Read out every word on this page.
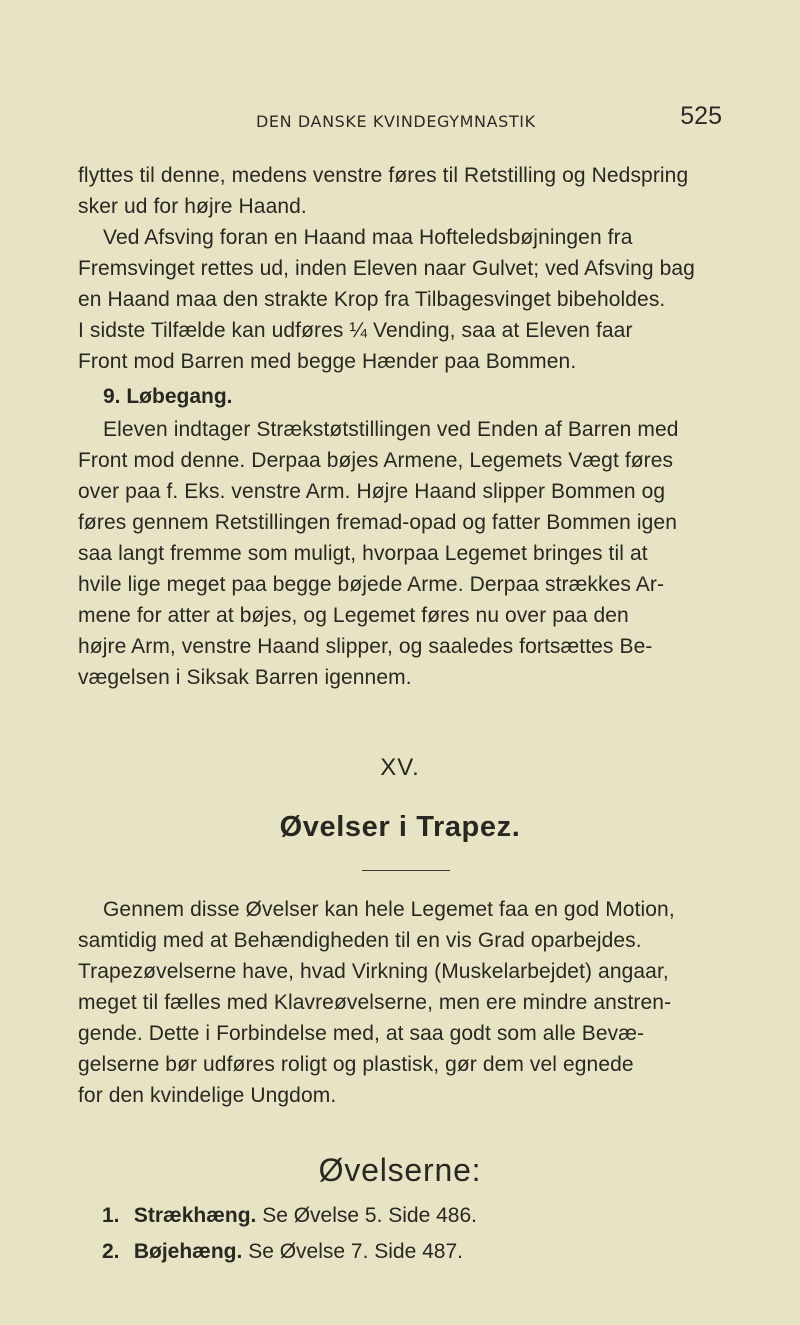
DEN DANSKE KVINDEGYMNASTIK	525
flyttes til denne, medens venstre føres til Retstilling og Nedspring
sker ud for højre Haand.
Ved Afsving foran en Haand maa Hofteledsbøjningen fra
Fremsvinget rettes ud, inden Eleven naar Gulvet; ved Afsving bag
en Haand maa den strakte Krop fra Tilbagesvinget bibeholdes.
I sidste Tilfælde kan udføres ¼ Vending, saa at Eleven faar
Front mod Barren med begge Hænder paa Bommen.
9. Løbegang.
Eleven indtager Strækstøtstillingen ved Enden af Barren med
Front mod denne. Derpaa bøjes Armene, Legemets Vægt føres
over paa f. Eks. venstre Arm. Højre Haand slipper Bommen og
føres gennem Retstillingen fremad-opad og fatter Bommen igen
saa langt fremme som muligt, hvorpaa Legemet bringes til at
hvile lige meget paa begge bøjede Arme. Derpaa strækkes Ar-
mene for atter at bøjes, og Legemet føres nu over paa den
højre Arm, venstre Haand slipper, og saaledes fortsættes Be-
vægelsen i Siksak Barren igennem.
XV.
Øvelser i Trapez.
Gennem disse Øvelser kan hele Legemet faa en god Motion,
samtidig med at Behændigheden til en vis Grad oparbejdes.
Trapezøvelserne have, hvad Virkning (Muskelarbejdet) angaar,
meget til fælles med Klavreøvelserne, men ere mindre anstren-
gende. Dette i Forbindelse med, at saa godt som alle Bevæ-
gelserne bør udføres roligt og plastisk, gør dem vel egnede
for den kvindelige Ungdom.
Øvelserne:
1. Strækhæng. Se Øvelse 5. Side 486.
2. Bøjehæng. Se Øvelse 7. Side 487.
